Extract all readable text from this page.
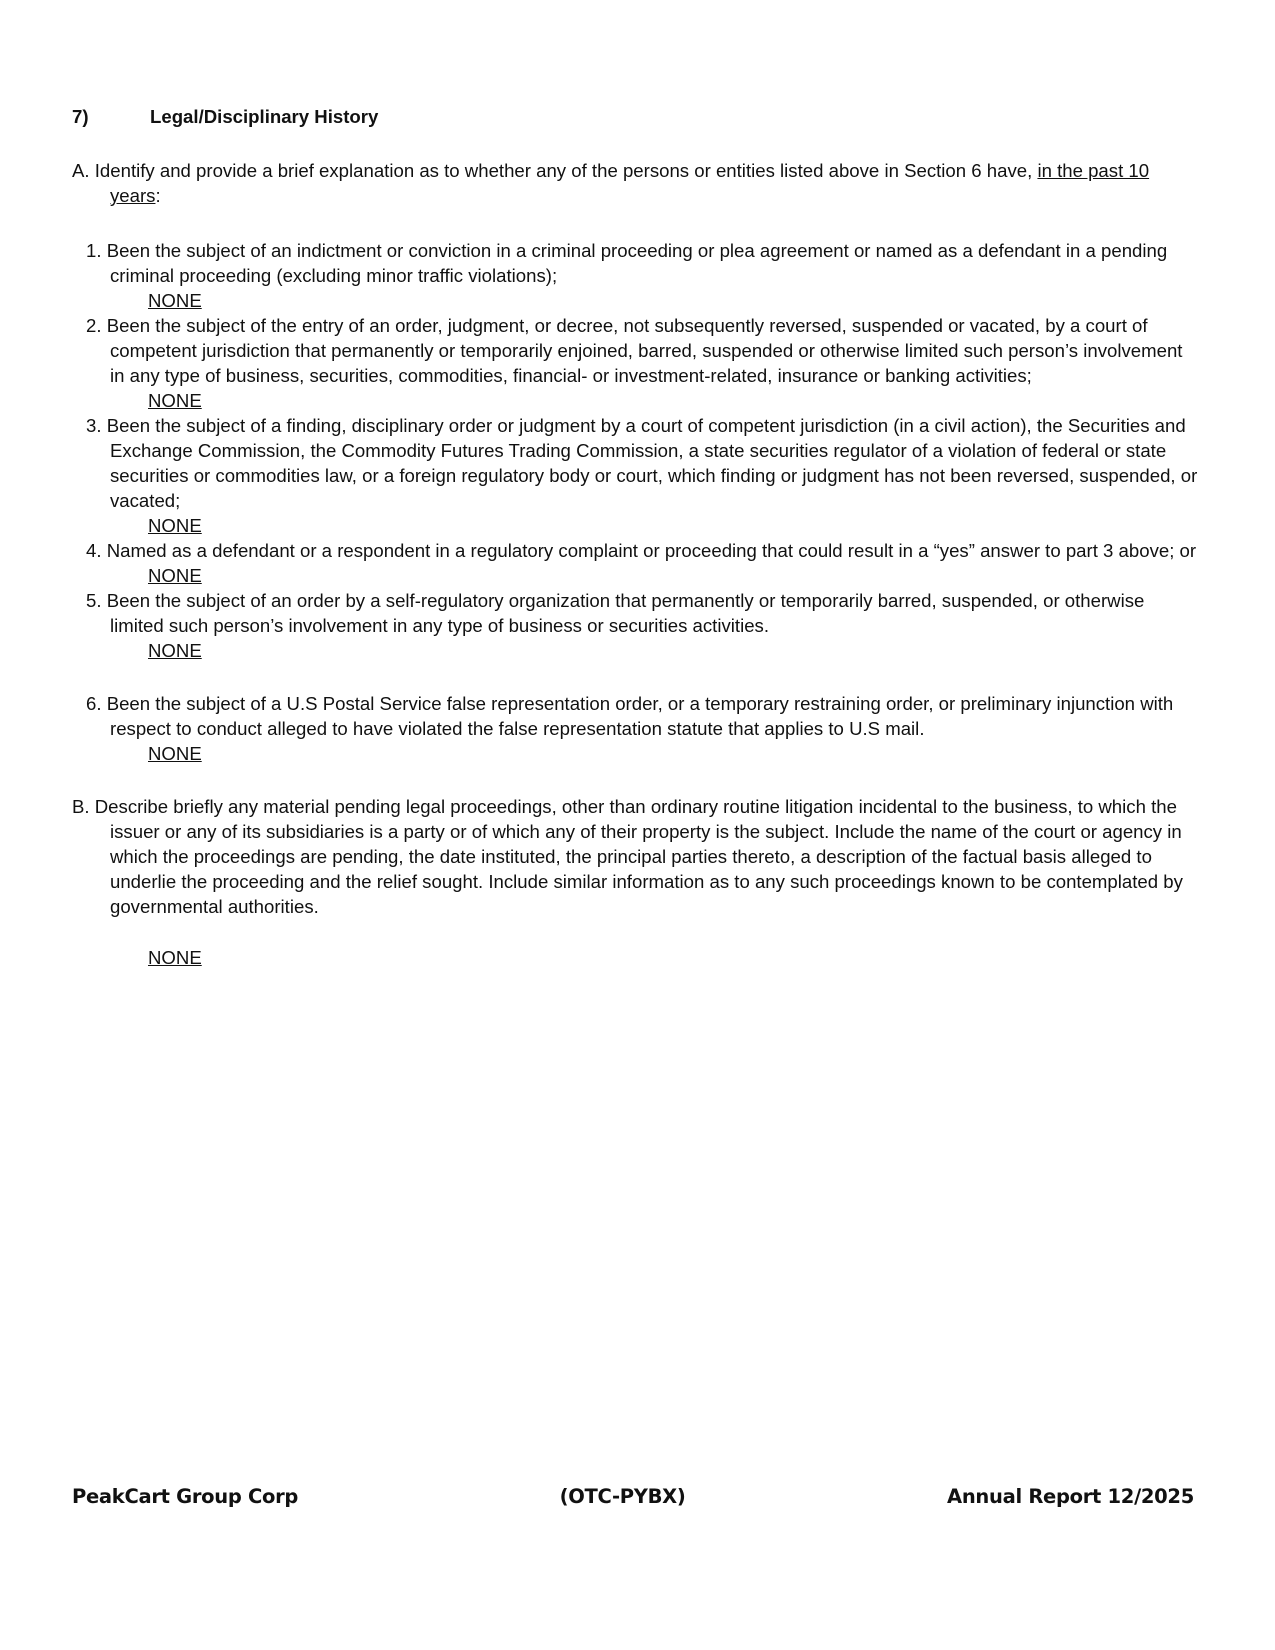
7)	Legal/Disciplinary History

A. Identify and provide a brief explanation as to whether any of the persons or entities listed above in Section 6 have, in the past 10 years:

1. Been the subject of an indictment or conviction in a criminal proceeding or plea agreement or named as a defendant in a pending criminal proceeding (excluding minor traffic violations);

NONE

2. Been the subject of the entry of an order, judgment, or decree, not subsequently reversed, suspended or vacated, by a court of competent jurisdiction that permanently or temporarily enjoined, barred, suspended or otherwise limited such person’s involvement in any type of business, securities, commodities, financial- or investment-related, insurance or banking activities;

NONE

3. Been the subject of a finding, disciplinary order or judgment by a court of competent jurisdiction (in a civil action), the Securities and Exchange Commission, the Commodity Futures Trading Commission, a state securities regulator of a violation of federal or state securities or commodities law, or a foreign regulatory body or court, which finding or judgment has not been reversed, suspended, or vacated;

NONE

4. Named as a defendant or a respondent in a regulatory complaint or proceeding that could result in a “yes” answer to part 3 above; or

NONE

5. Been the subject of an order by a self-regulatory organization that permanently or temporarily barred, suspended, or otherwise limited such person’s involvement in any type of business or securities activities.

NONE

6. Been the subject of a U.S Postal Service false representation order, or a temporary restraining order, or preliminary injunction with respect to conduct alleged to have violated the false representation statute that applies to U.S mail.

NONE

B. Describe briefly any material pending legal proceedings, other than ordinary routine litigation incidental to the business, to which the issuer or any of its subsidiaries is a party or of which any of their property is the subject. Include the name of the court or agency in which the proceedings are pending, the date instituted, the principal parties thereto, a description of the factual basis alleged to underlie the proceeding and the relief sought. Include similar information as to any such proceedings known to be contemplated by governmental authorities.

NONE

PeakCart Group Corp	(OTC-PYBX)	Annual Report 12/2025
